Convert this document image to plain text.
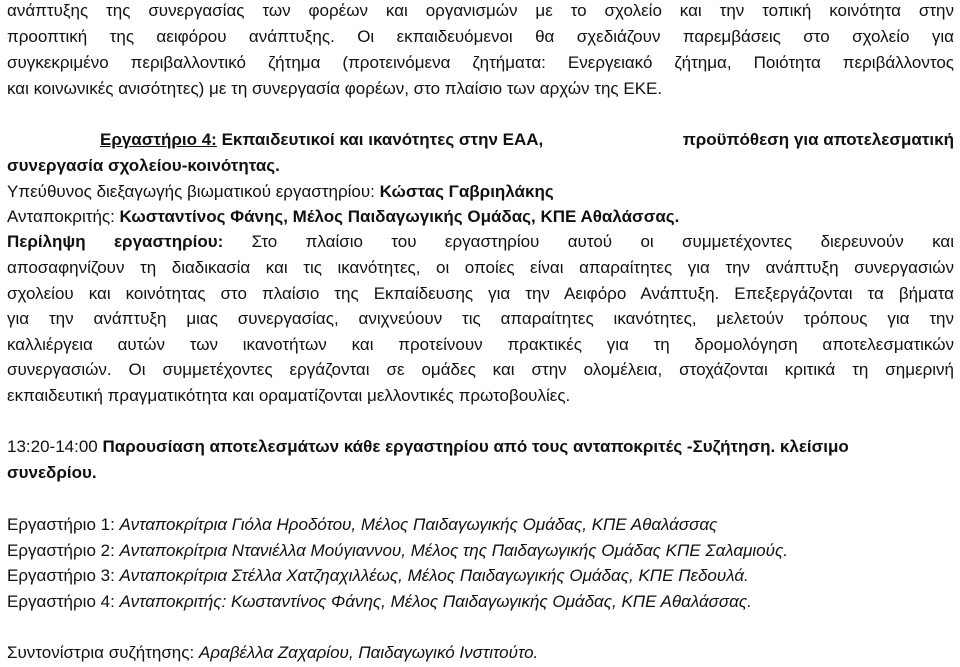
ανάπτυξης της συνεργασίας των φορέων και οργανισμών με το σχολείο και την τοπική κοινότητα στην
προοπτική της αειφόρου ανάπτυξης. Οι εκπαιδευόμενοι θα σχεδιάζουν παρεμβάσεις στο σχολείο για
συγκεκριμένο περιβαλλοντικό ζήτημα (προτεινόμενα ζητήματα: Ενεργειακό ζήτημα, Ποιότητα περιβάλλοντος
και κοινωνικές ανισότητες) με τη συνεργασία φορέων, στο πλαίσιο των αρχών της ΕΚΕ.
Εργαστήριο 4: Εκπαιδευτικοί και ικανότητες στην ΕΑΑ,	προϋπόθεση για αποτελεσματική
συνεργασία σχολείου-κοινότητας.
Υπεύθυνος διεξαγωγής βιωματικού εργαστηρίου: Κώστας Γαβριηλάκης
Ανταποκριτής: Κωσταντίνος Φάνης, Μέλος Παιδαγωγικής Ομάδας, ΚΠΕ Αθαλάσσας.
Περίληψη εργαστηρίου: Στο πλαίσιο του εργαστηρίου αυτού οι συμμετέχοντες διερευνούν και
αποσαφηνίζουν τη διαδικασία και τις ικανότητες, οι οποίες είναι απαραίτητες για την ανάπτυξη συνεργασιών
σχολείου και κοινότητας στο πλαίσιο της Εκπαίδευσης για την Αειφόρο Ανάπτυξη. Επεξεργάζονται τα βήματα
για την ανάπτυξη μιας συνεργασίας, ανιχνεύουν τις απαραίτητες ικανότητες, μελετούν τρόπους για την
καλλιέργεια αυτών των ικανοτήτων και προτείνουν πρακτικές για τη δρομολόγηση αποτελεσματικών
συνεργασιών. Οι συμμετέχοντες εργάζονται σε ομάδες και στην ολομέλεια, στοχάζονται κριτικά τη σημερινή
εκπαιδευτική πραγματικότητα και οραματίζονται μελλοντικές πρωτοβουλίες.
13:20-14:00 Παρουσίαση αποτελεσμάτων κάθε εργαστηρίου από τους ανταποκριτές -Συζήτηση. κλείσιμο
συνεδρίου.
Εργαστήριο 1: Ανταποκρίτρια Γιόλα Ηροδότου, Μέλος Παιδαγωγικής Ομάδας, ΚΠΕ Αθαλάσσας
Εργαστήριο 2: Ανταποκρίτρια Ντανιέλλα Μούγιαννου, Μέλος της Παιδαγωγικής Ομάδας ΚΠΕ Σαλαμιούς.
Εργαστήριο 3: Ανταποκρίτρια Στέλλα Χατζηαχιλλέως, Μέλος Παιδαγωγικής Ομάδας, ΚΠΕ Πεδουλά.
Εργαστήριο 4: Ανταποκριτής: Κωσταντίνος Φάνης, Μέλος Παιδαγωγικής Ομάδας, ΚΠΕ Αθαλάσσας.
Συντονίστρια συζήτησης: Αραβέλλα Ζαχαρίου, Παιδαγωγικό Ινστιτούτο.
